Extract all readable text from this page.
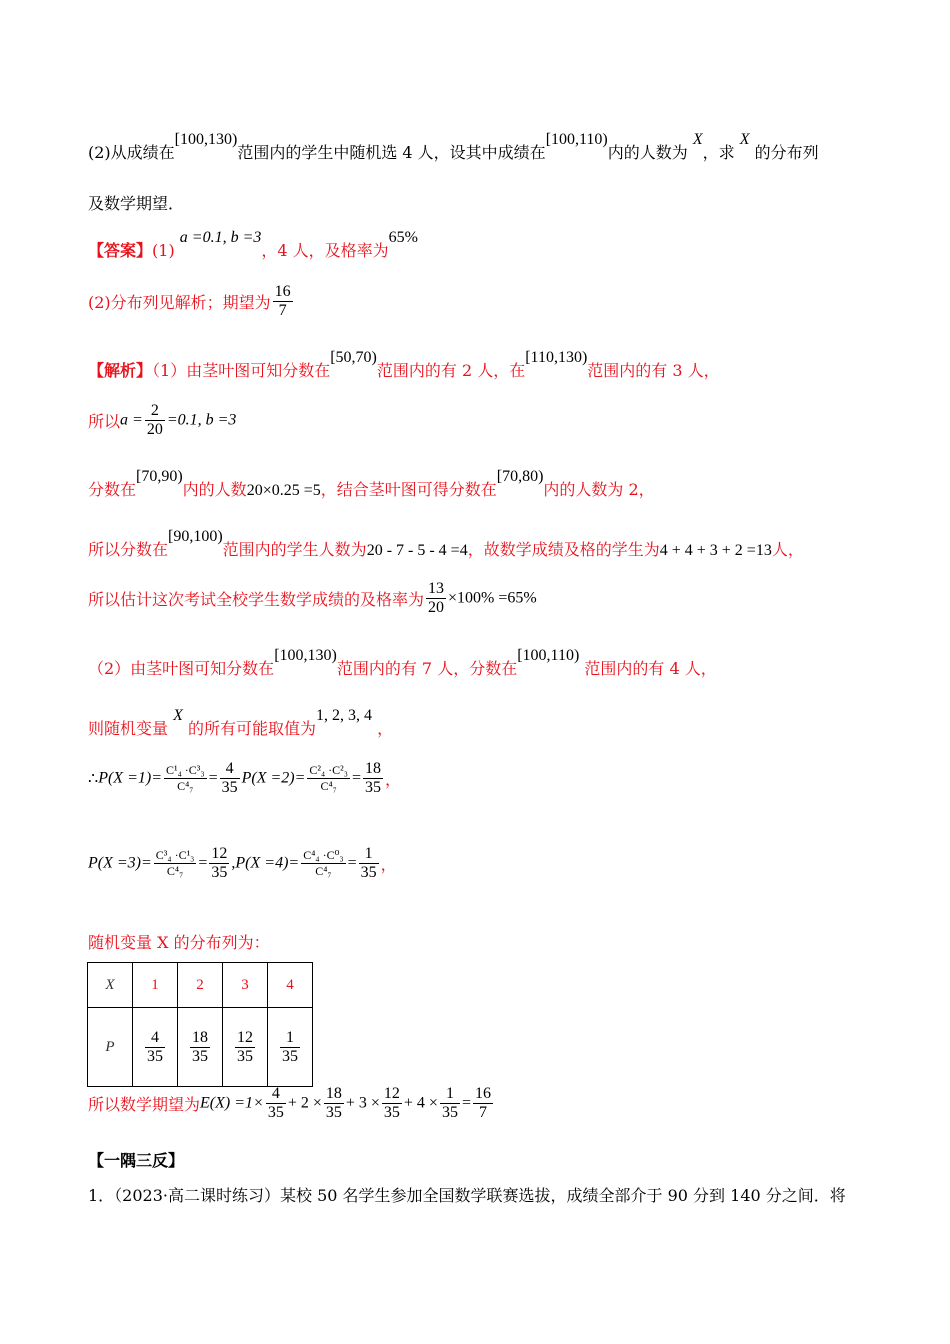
(2)从成绩在[100,130)范围内的学生中随机选 4 人，设其中成绩在[100,110)内的人数为 X，求 X 的分布列
及数学期望．
【答案】(1) a =0.1, b =3，4 人，及格率为65%
(2)分布列见解析；期望为 $\frac{16}{7}$
【解析】（1）由茎叶图可知分数在[50,70)范围内的有 2 人，在[110,130)范围内的有 3 人，
所以$a = \frac{2}{20} =0.1$, b =3
分数在[70,90)内的人数20×0.25 =5，结合茎叶图可得分数在[70,80)内的人数为 2，
所以分数在[90,100)范围内的学生人数为20 - 7 - 5 - 4 =4，故数学成绩及格的学生为4 + 4 + 3 + 2 =13人，
所以估计这次考试全校学生数学成绩的及格率为 $\frac{13}{20} \times 100\% =65\%$
（2）由茎叶图可知分数在[100,130)范围内的有 7 人，分数在[100,110) 范围内的有 4 人，
则随机变量 X 的所有可能取值为1, 2, 3, 4 ，
∴P(X $=1)= \frac{\text{C¹₄ ·C³₃}}{\text{C⁴₇}} = \frac{4}{35} P(X =2)= \frac{\text{C²₄ ·C²₃}}{\text{C⁴₇}} = \frac{18}{35}$ ，
$P(X =3)= \frac{\text{C³₄ ·C¹₃}}{\text{C⁴₇}} = \frac{12}{35} ,P(X =4)= \frac{\text{C⁴₄ ·C⁰₃}}{\text{C⁴₇}} = \frac{1}{35}$ ，
随机变量 X 的分布列为：
X	1	2	3	4
P	$\frac{4}{35}$	$\frac{18}{35}$	$\frac{12}{35}$	$\frac{1}{35}$
所以数学期望为$E(X) =1\times \frac{4}{35} + 2 \times \frac{18}{35} + 3 \times \frac{12}{35} + 4 \times \frac{1}{35} = \frac{16}{7}$
【一隅三反】
1．（2023·高二课时练习）某校 50 名学生参加全国数学联赛选拔，成绩全部介于 90 分到 140 分之间．将
